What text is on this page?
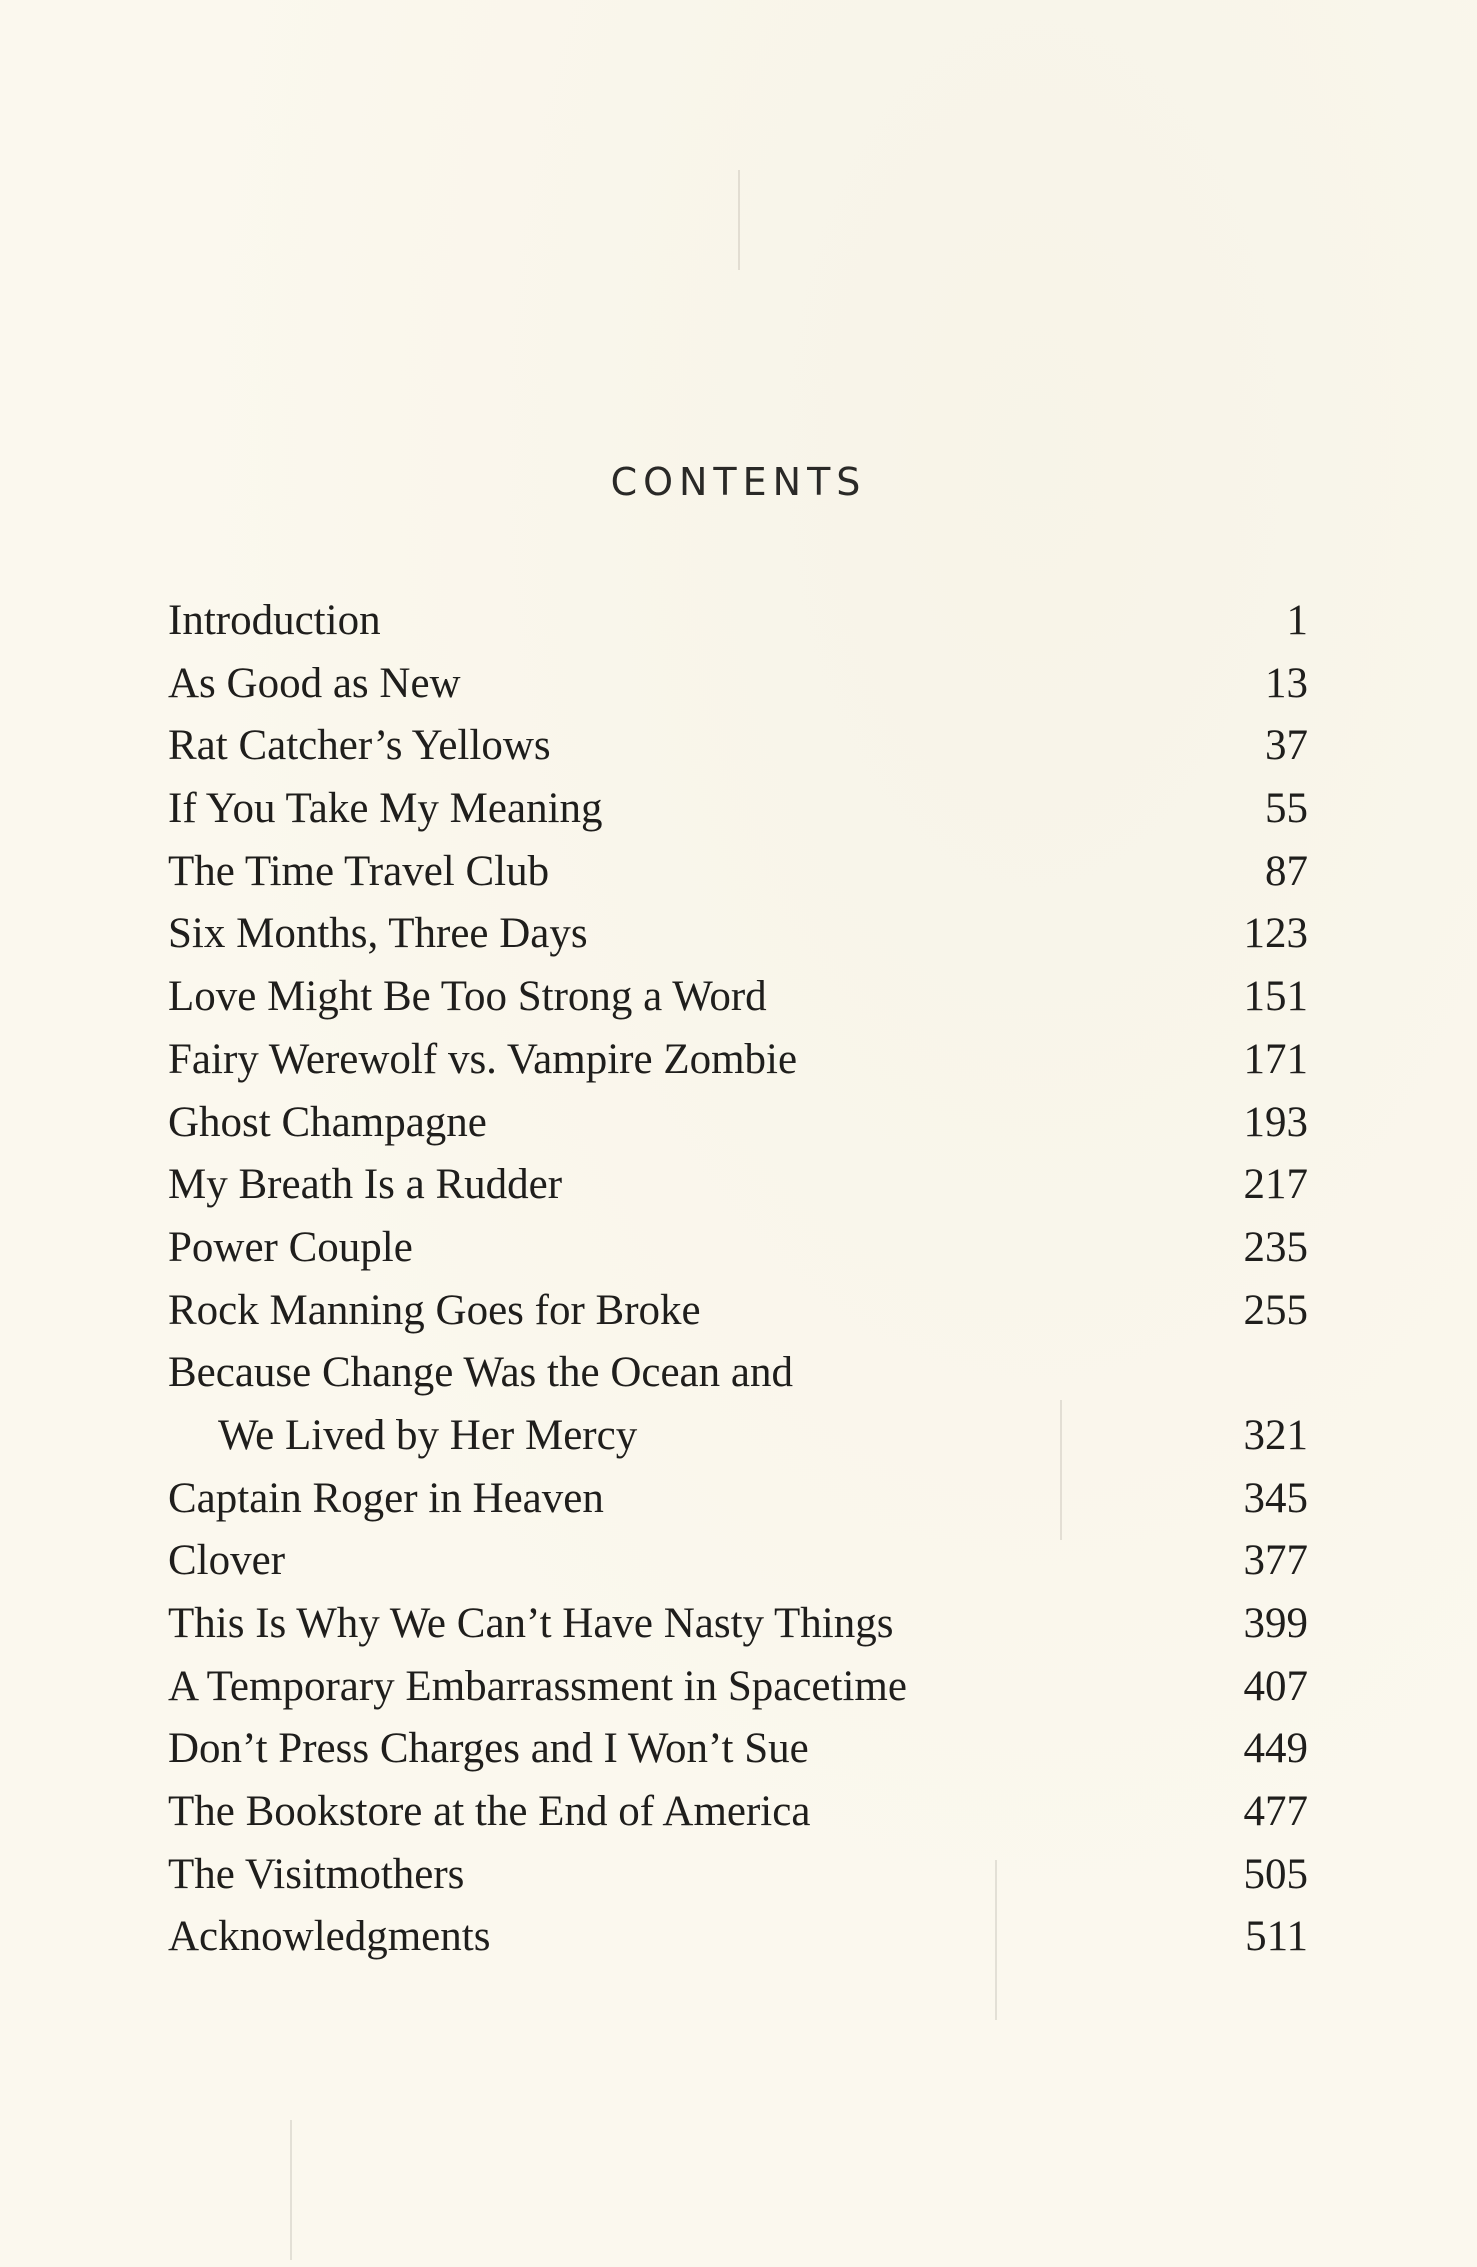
CONTENTS
Introduction	1
As Good as New	13
Rat Catcher’s Yellows	37
If You Take My Meaning	55
The Time Travel Club	87
Six Months, Three Days	123
Love Might Be Too Strong a Word	151
Fairy Werewolf vs. Vampire Zombie	171
Ghost Champagne	193
My Breath Is a Rudder	217
Power Couple	235
Rock Manning Goes for Broke	255
Because Change Was the Ocean and
We Lived by Her Mercy	321
Captain Roger in Heaven	345
Clover	377
This Is Why We Can’t Have Nasty Things	399
A Temporary Embarrassment in Spacetime	407
Don’t Press Charges and I Won’t Sue	449
The Bookstore at the End of America	477
The Visitmothers	505
Acknowledgments	511
